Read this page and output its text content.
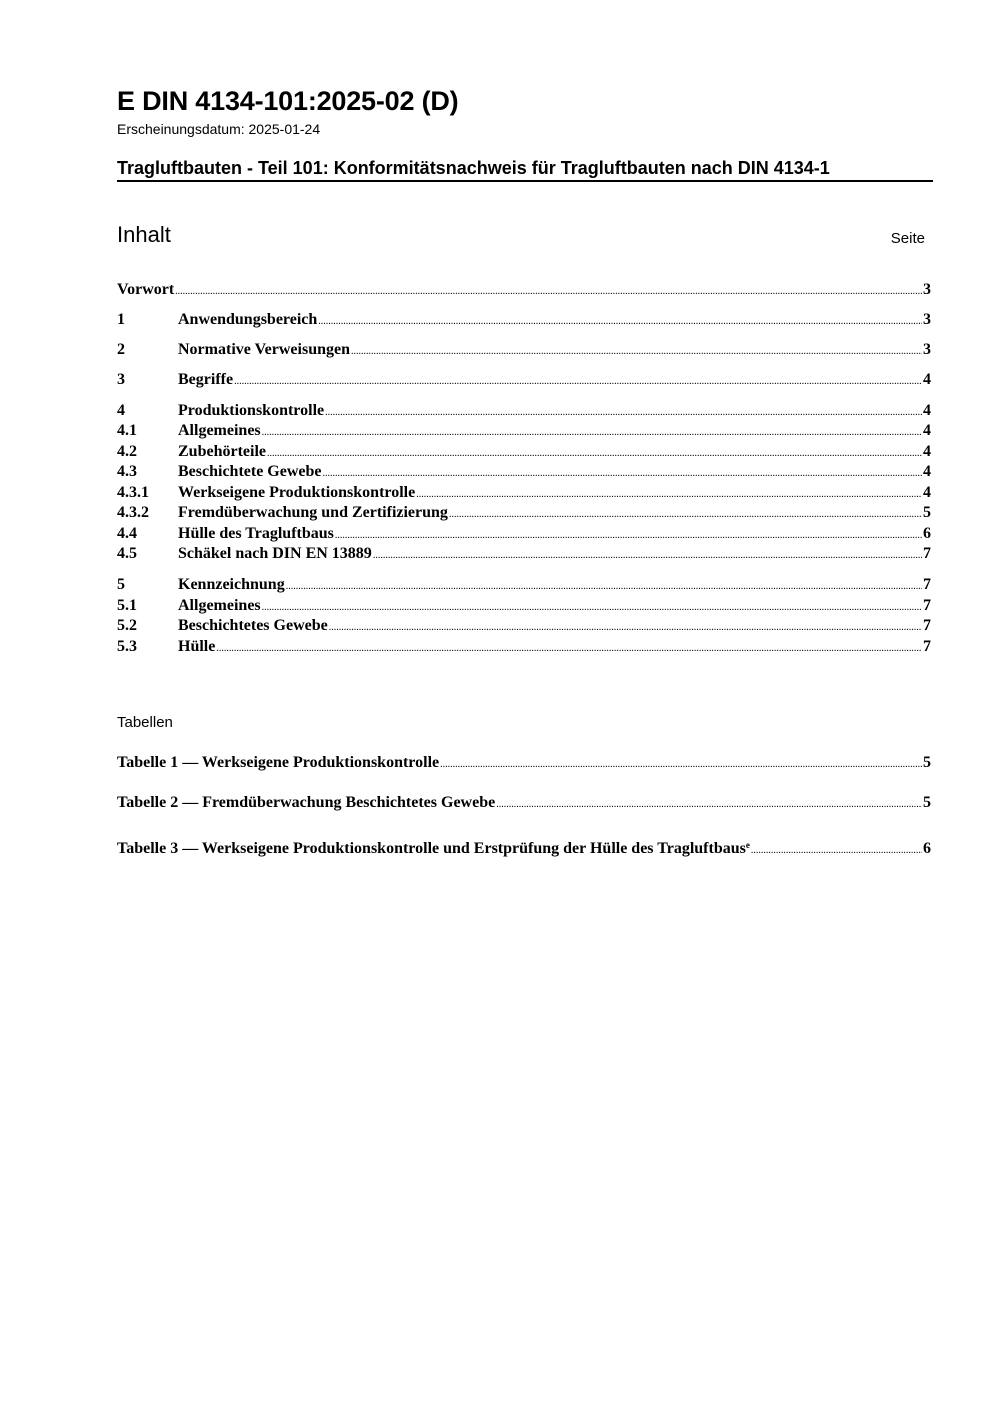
E DIN 4134-101:2025-02 (D)
Erscheinungsdatum: 2025-01-24
Tragluftbauten - Teil 101: Konformitätsnachweis für Tragluftbauten nach DIN 4134-1
Inhalt	Seite
Vorwort .....	3
1	Anwendungsbereich .....	3
2	Normative Verweisungen .....	3
3	Begriffe .....	4
4	Produktionskontrolle .....	4
4.1	Allgemeines .....	4
4.2	Zubehörteile .....	4
4.3	Beschichtete Gewebe .....	4
4.3.1	Werkseigene Produktionskontrolle .....	4
4.3.2	Fremdüberwachung und Zertifizierung .....	5
4.4	Hülle des Tragluftbaus .....	6
4.5	Schäkel nach DIN EN 13889 .....	7
5	Kennzeichnung .....	7
5.1	Allgemeines .....	7
5.2	Beschichtetes Gewebe .....	7
5.3	Hülle .....	7
Tabellen
Tabelle 1 — Werkseigene Produktionskontrolle .....	5
Tabelle 2 — Fremdüberwachung Beschichtetes Gewebe .....	5
Tabelle 3 — Werkseigene Produktionskontrolle und Erstprüfung der Hülle des Tragluftbaus$^e$ .....	6
